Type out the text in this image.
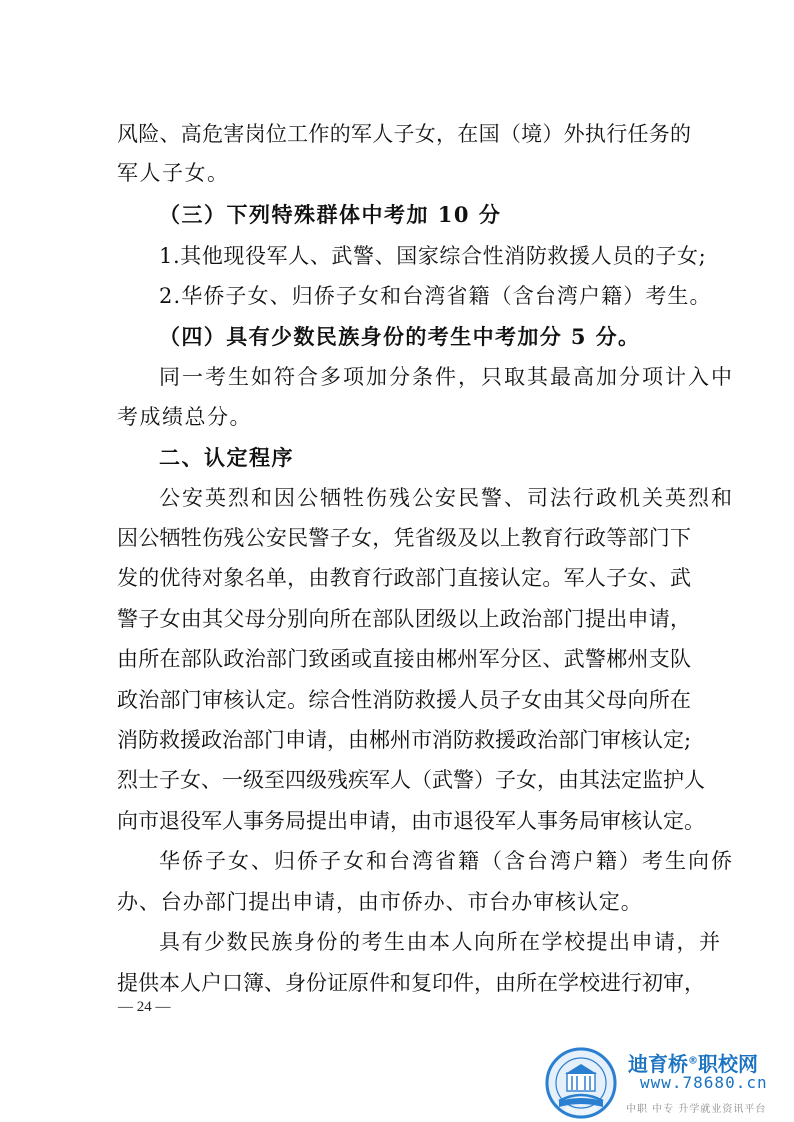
风险、高危害岗位工作的军人子女，在国（境）外执行任务的
军人子女。
（三）下列特殊群体中考加 10 分
1.其他现役军人、武警、国家综合性消防救援人员的子女;
2.华侨子女、归侨子女和台湾省籍（含台湾户籍）考生。
（四）具有少数民族身份的考生中考加分 5 分。
同一考生如符合多项加分条件，只取其最高加分项计入中
考成绩总分。
二、认定程序
公安英烈和因公牺牲伤残公安民警、司法行政机关英烈和
因公牺牲伤残公安民警子女，凭省级及以上教育行政等部门下
发的优待对象名单，由教育行政部门直接认定。军人子女、武
警子女由其父母分别向所在部队团级以上政治部门提出申请，
由所在部队政治部门致函或直接由郴州军分区、武警郴州支队
政治部门审核认定。综合性消防救援人员子女由其父母向所在
消防救援政治部门申请，由郴州市消防救援政治部门审核认定;
烈士子女、一级至四级残疾军人（武警）子女，由其法定监护人
向市退役军人事务局提出申请，由市退役军人事务局审核认定。
华侨子女、归侨子女和台湾省籍（含台湾户籍）考生向侨
办、台办部门提出申请，由市侨办、市台办审核认定。
具有少数民族身份的考生由本人向所在学校提出申请，并
提供本人户口簿、身份证原件和复印件，由所在学校进行初审，
— 24 —
迪育桥职校网
迪育桥®职校网
www.78680.cn
中职 中专 升学就业资讯平台
